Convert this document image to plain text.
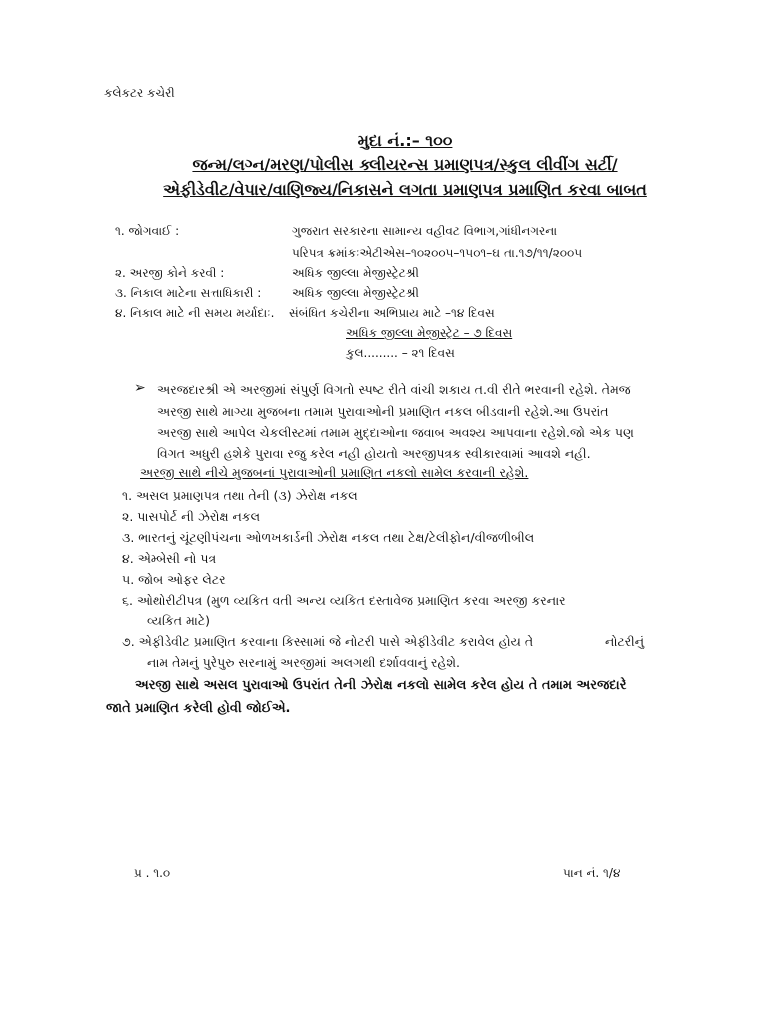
કલેકટર કચેરી
મુદા નં.:– ૧૦૦
જન્મ/લગ્ન/મરણ/પોલીસ ક્લીયરન્સ પ્રમાણપત્ર/સ્કુલ લીવીંગ સર્ટી/
એફીડેવીટ/વેપાર/વાણિજ્ય/નિકાસને લગતા પ્રમાણપત્ર પ્રમાણિત કરવા બાબત
૧. જોગવાઈ :	ગુજરાત સરકારના સામાન્ય વહીવટ વિભાગ,ગાંધીનગરના
પરિપત્ર ક્રમાંકઃએટીએસ–૧૦૨૦૦૫–૧૫૦૧–ઘ તા.૧૭/૧૧/૨૦૦૫
૨. અરજી કોને કરવી :	અધિક જીલ્લા મેજીસ્ટ્રેટશ્રી
૩. નિકાલ માટેના સત્તાધિકારી :	અધિક જીલ્લા મેજીસ્ટ્રેટશ્રી
૪. નિકાલ માટે ની સમય મર્યાદાઃ. સંબંધિત કચેરીના અભિપ્રાય માટે –૧૪ દિવસ
અધિક જીલ્લા મેજીસ્ટ્રેટ – ૭ દિવસ
કુલ......... – ૨૧ દિવસ
➢ અરજદારશ્રી એ અરજીમાં સંપુર્ણ વિગતો સ્પષ્ટ રીતે વાંચી શકાય ત.વી રીતે ભરવાની રહેશે. તેમજ
અરજી સાથે માગ્યા મુજબના તમામ પુરાવાઓની પ્રમાણિત નકલ બીડવાની રહેશે.આ ઉપરાંત
અરજી સાથે આપેલ ચેકલીસ્ટમાં તમામ મુદ્દાઓના જવાબ અવશ્ય આપવાના રહેશે.જો એક પણ
વિગત અધુરી હશેકે પુરાવા રજુ કરેલ નહી હોયતો અરજીપત્રક સ્વીકારવામાં આવશે નહી.
અરજી સાથે નીચે મુજબનાં પુરાવાઓની પ્રમાણિત નકલો સામેલ કરવાની રહેશે.
૧. અસલ પ્રમાણપત્ર તથા તેની (૩) ઝેરોક્ષ નકલ
૨. પાસપોર્ટ ની ઝેરોક્ષ નકલ
૩. ભારતનું ચૂંટણીપંચના ઓળખકાર્ડની ઝેરોક્ષ નકલ તથા ટેક્ષ/ટેલીફોન/વીજળીબીલ
૪. એમ્બેસી નો પત્ર
૫. જોબ ઓફર લેટર
૬. ઓથોરીટીપત્ર (મુળ વ્યકિત વતી અન્ય વ્યકિત દસ્તાવેજ પ્રમાણિત કરવા અરજી કરનાર
વ્યકિત માટે)
૭. એફીડેવીટ પ્રમાણિત કરવાના કિસ્સામાં જે નોટરી પાસે એફીડેવીટ કરાવેલ હોય તે	નોટરીનું
નામ તેમનું પુરેપુરુ સરનામું અરજીમાં અલગથી દર્શાવવાનું રહેશે.
અરજી સાથે અસલ પુરાવાઓ ઉપરાંત તેની ઝેરોક્ષ નકલો સામેલ કરેલ હોય તે તમામ અરજદારે
જાતે પ્રમાણિત કરેલી હોવી જોઈએ.
પ્ર . ૧.૦	પાન નં. ૧/૪
